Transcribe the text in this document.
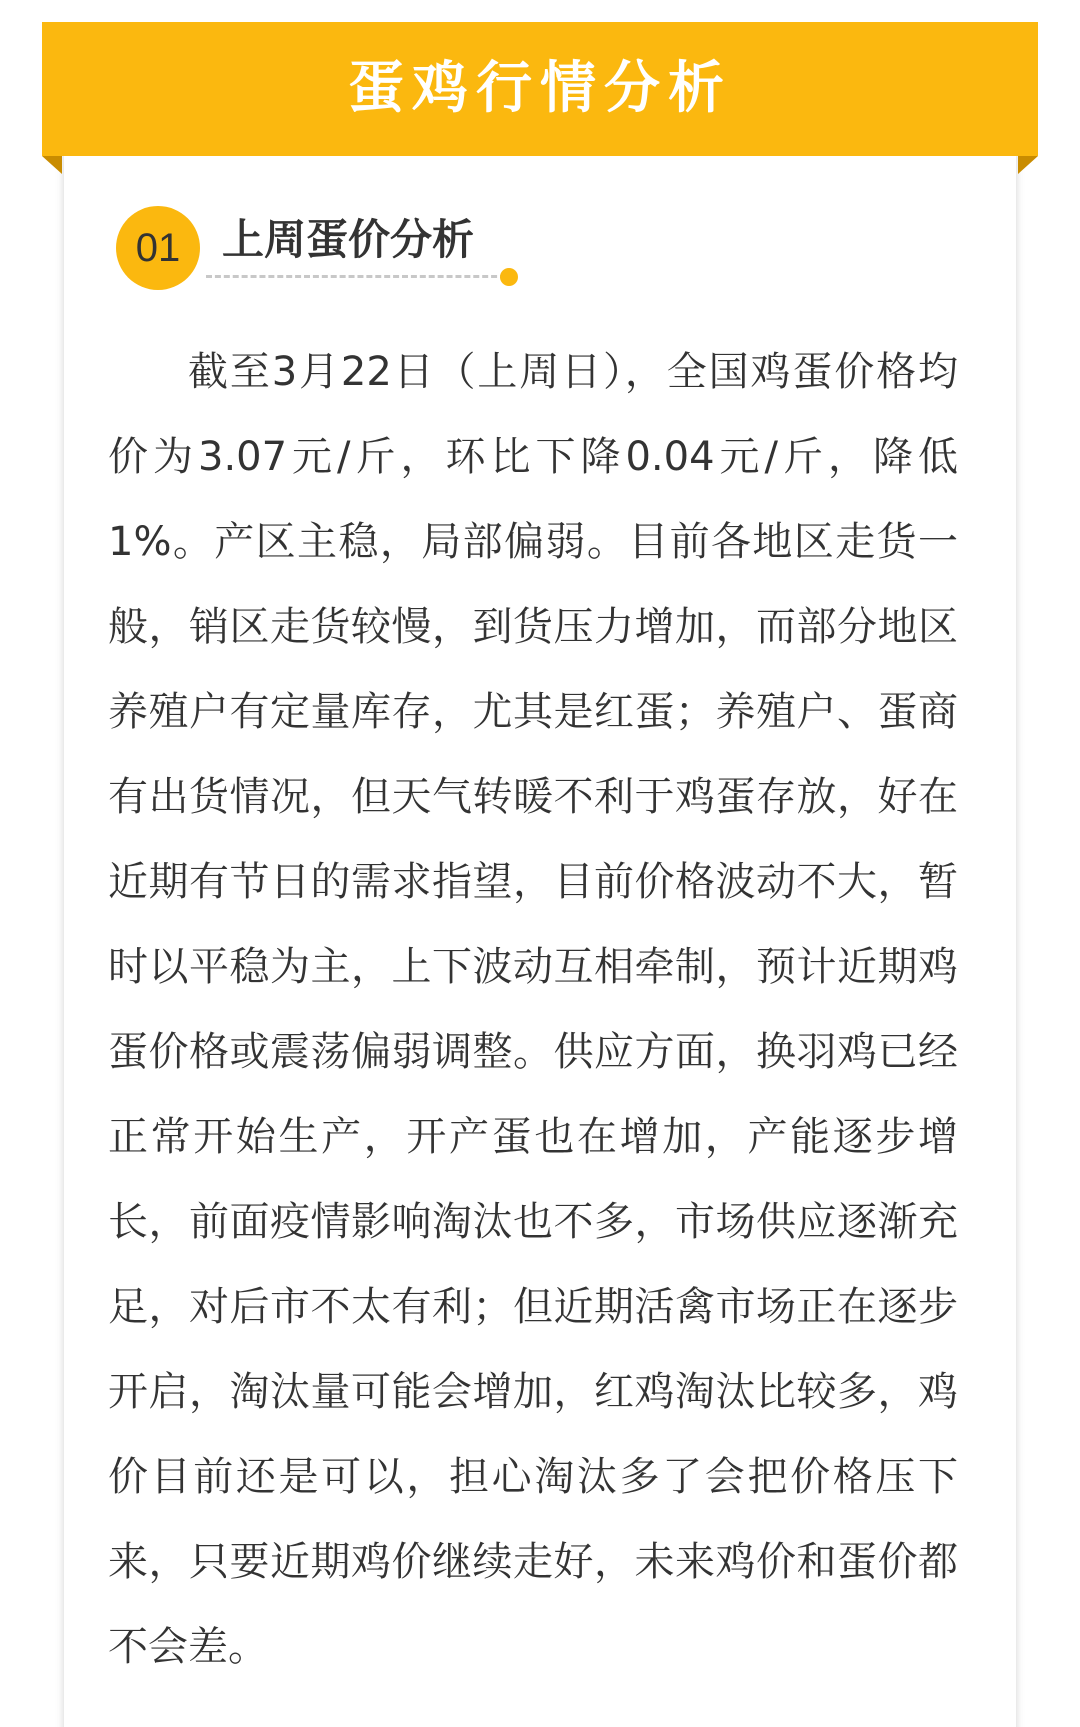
蛋鸡行情分析
01 上周蛋价分析

截至3月22日（上周日），全国鸡蛋价格均价为3.07元/斤，环比下降0.04元/斤，降低1%。产区主稳，局部偏弱。目前各地区走货一般，销区走货较慢，到货压力增加，而部分地区养殖户有定量库存，尤其是红蛋；养殖户、蛋商有出货情况，但天气转暖不利于鸡蛋存放，好在近期有节日的需求指望，目前价格波动不大，暂时以平稳为主，上下波动互相牵制，预计近期鸡蛋价格或震荡偏弱调整。供应方面，换羽鸡已经正常开始生产，开产蛋也在增加，产能逐步增长，前面疫情影响淘汰也不多，市场供应逐渐充足，对后市不太有利；但近期活禽市场正在逐步开启，淘汰量可能会增加，红鸡淘汰比较多，鸡价目前还是可以，担心淘汰多了会把价格压下来，只要近期鸡价继续走好，未来鸡价和蛋价都不会差。
